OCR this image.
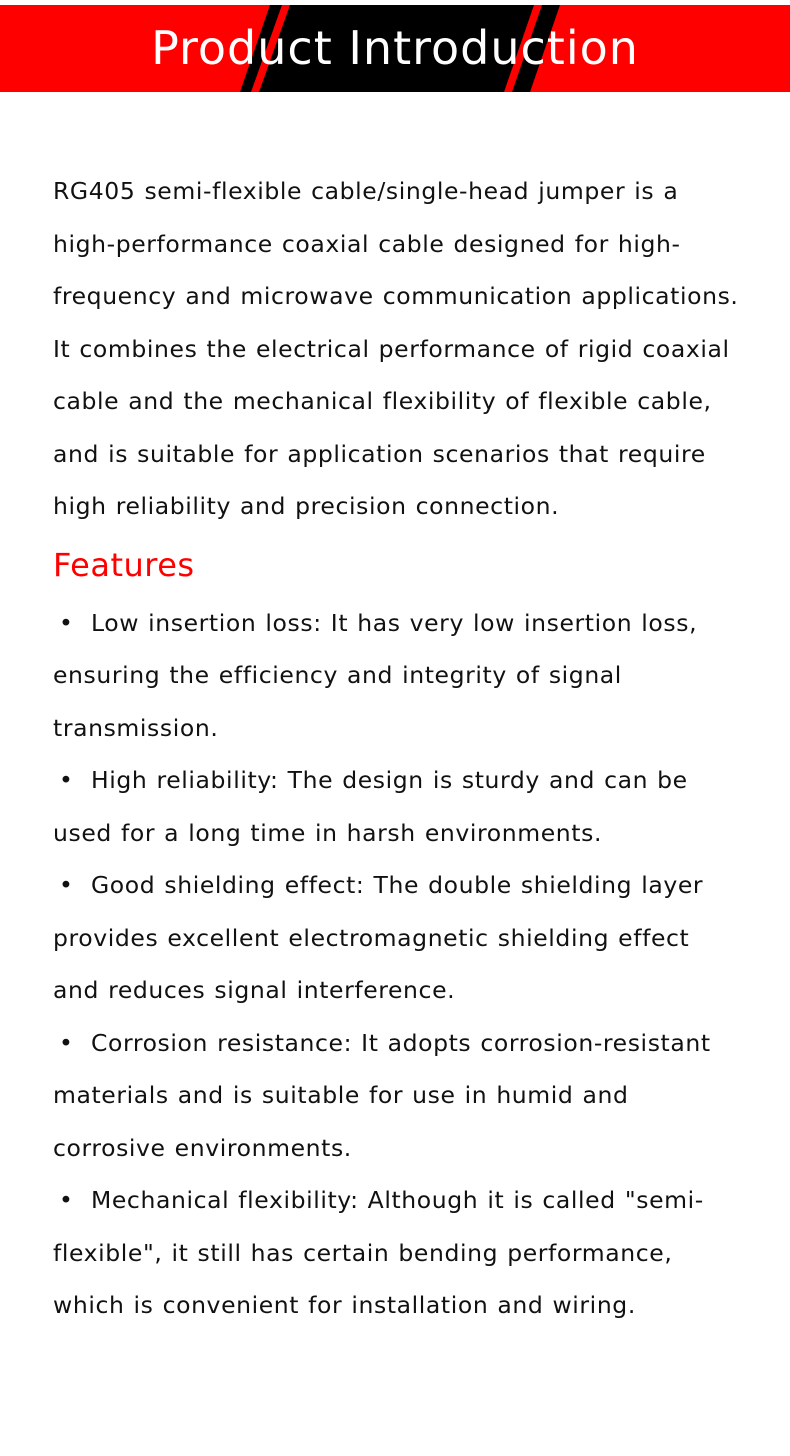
Product Introduction

RG405 semi-flexible cable/single-head jumper is a high-performance coaxial cable designed for high-frequency and microwave communication applications. It combines the electrical performance of rigid coaxial cable and the mechanical flexibility of flexible cable, and is suitable for application scenarios that require high reliability and precision connection.

Features
• Low insertion loss: It has very low insertion loss, ensuring the efficiency and integrity of signal transmission.
• High reliability: The design is sturdy and can be used for a long time in harsh environments.
• Good shielding effect: The double shielding layer provides excellent electromagnetic shielding effect and reduces signal interference.
• Corrosion resistance: It adopts corrosion-resistant materials and is suitable for use in humid and corrosive environments.
• Mechanical flexibility: Although it is called "semi-flexible", it still has certain bending performance, which is convenient for installation and wiring.
